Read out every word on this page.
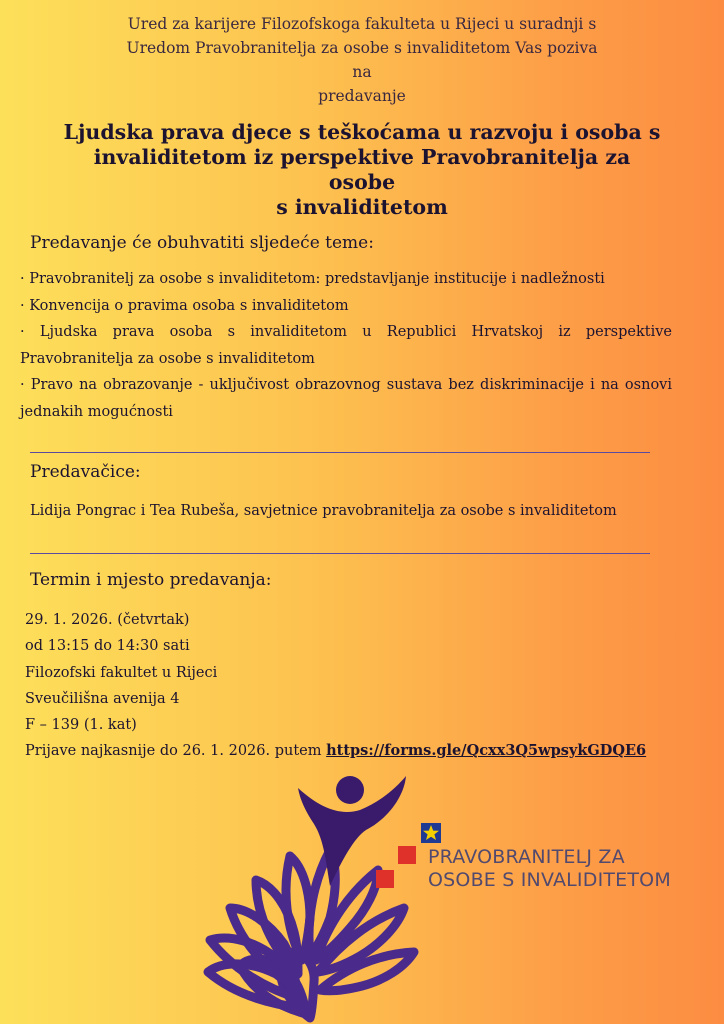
Ured za karijere Filozofskoga fakulteta u Rijeci u suradnji s
Uredom Pravobranitelja za osobe s invaliditetom Vas poziva na
predavanje
Ljudska prava djece s teškoćama u razvoju i osoba s
invaliditetom iz perspektive Pravobranitelja za osobe
s invaliditetom
Predavanje će obuhvatiti sljedeće teme:

· Pravobranitelj za osobe s invaliditetom: predstavljanje institucije i nadležnosti

· Konvencija o pravima osoba s invaliditetom

· Ljudska prava osoba s invaliditetom u Republici Hrvatskoj iz perspektive Pravobranitelja za osobe s invaliditetom

· Pravo na obrazovanje - uključivost obrazovnog sustava bez diskriminacije i na osnovi jednakih mogućnosti

Predavačice:
Lidija Pongrac i Tea Rubeša, savjetnice pravobranitelja za osobe s invaliditetom
Termin i mjesto predavanja:
29. 1. 2026. (četvrtak)
od 13:15 do 14:30 sati
Filozofski fakultet u Rijeci
Sveučilišna avenija 4
F – 139 (1. kat)
Prijave najkasnije do 26. 1. 2026. putem https://forms.gle/Qcxx3Q5wpsykGDQE6
PRAVOBRANITELJ ZA
OSOBE S INVALIDITETOM
